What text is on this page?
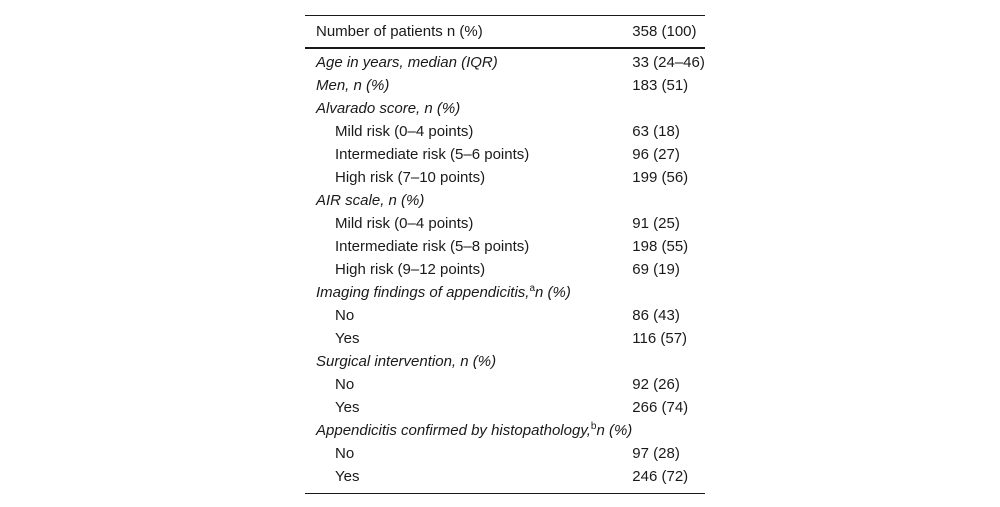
Number of patients n (%)	358 (100)
Age in years, median (IQR)	33 (24–46)
Men, n (%)	183 (51)
Alvarado score, n (%)	
Mild risk (0–4 points)	63 (18)
Intermediate risk (5–6 points)	96 (27)
High risk (7–10 points)	199 (56)
AIR scale, n (%)	
Mild risk (0–4 points)	91 (25)
Intermediate risk (5–8 points)	198 (55)
High risk (9–12 points)	69 (19)
Imaging findings of appendicitis,$^a$n (%)	
No	86 (43)
Yes	116 (57)
Surgical intervention, n (%)	
No	92 (26)
Yes	266 (74)
Appendicitis confirmed by histopathology,$^b$n (%)	
No	97 (28)
Yes	246 (72)
